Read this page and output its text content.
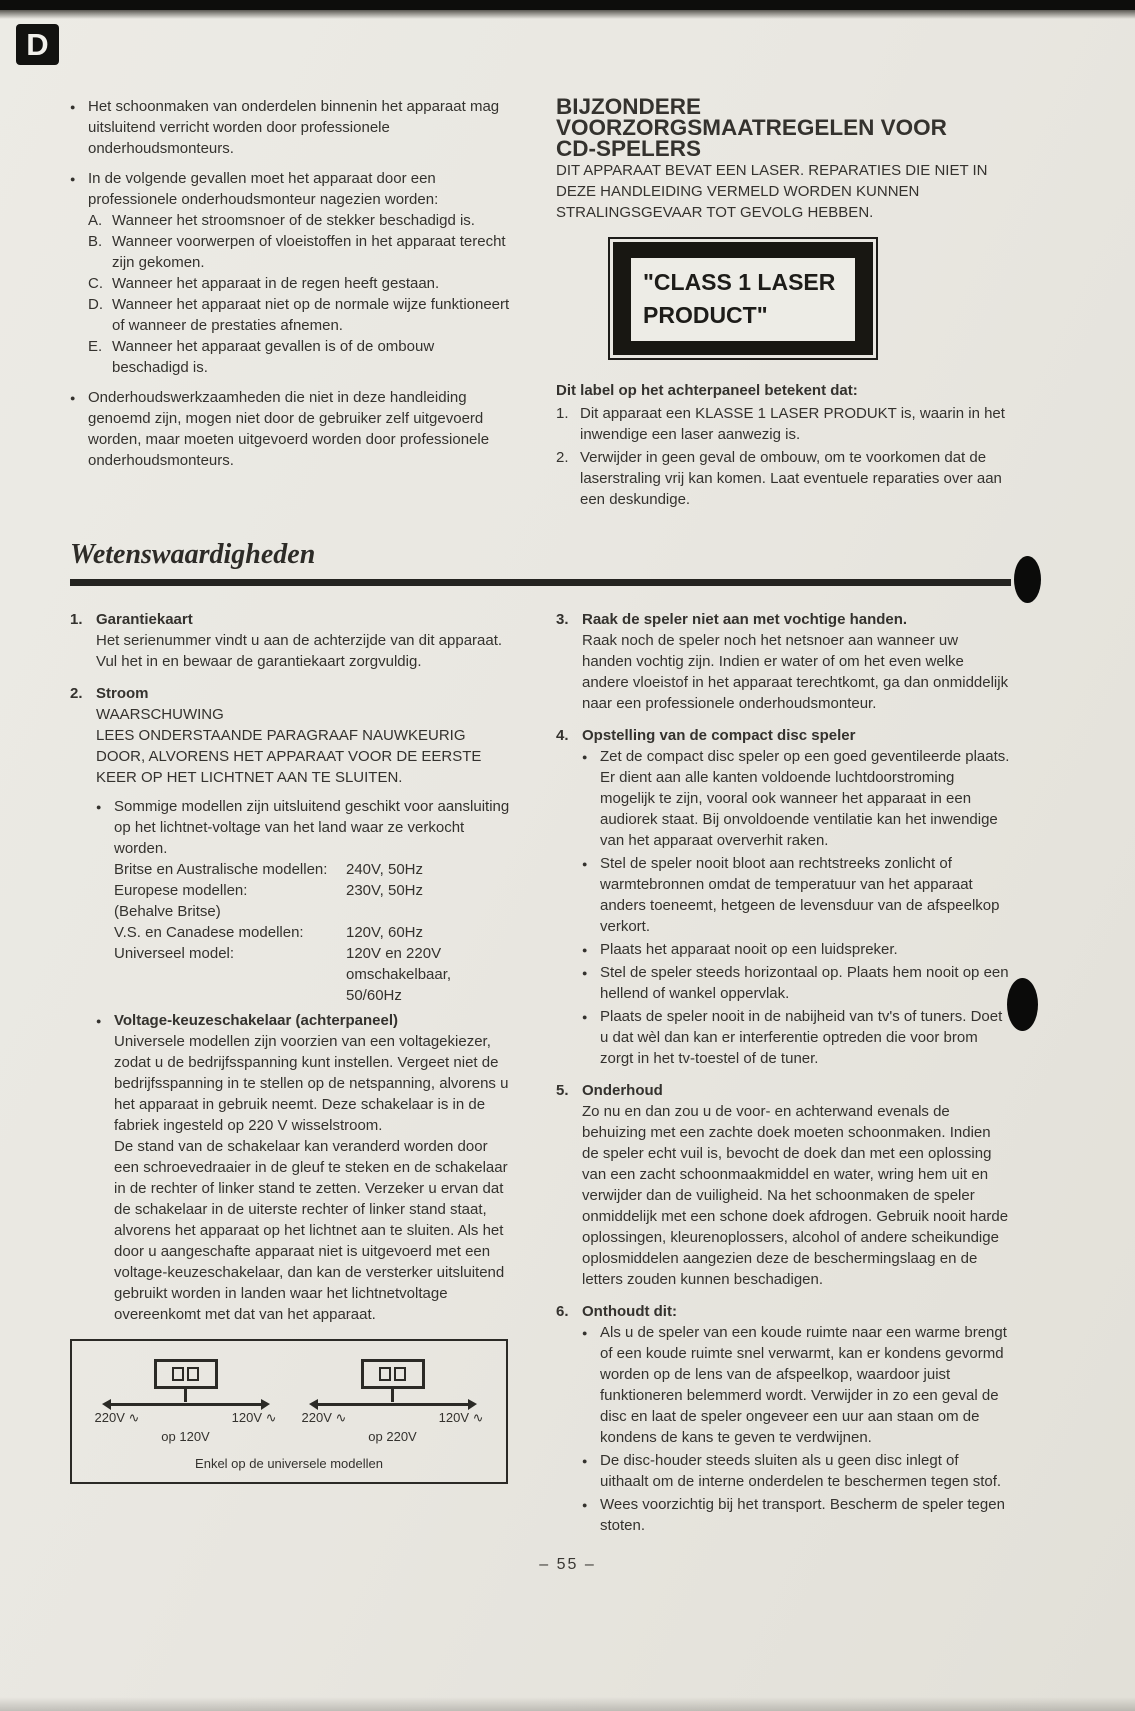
D

● Het schoonmaken van onderdelen binnenin het apparaat mag uitsluitend verricht worden door professionele onderhoudsmonteurs.

● In de volgende gevallen moet het apparaat door een professionele onderhoudsmonteur nagezien worden:
A. Wanneer het stroomsnoer of de stekker beschadigd is.
B. Wanneer voorwerpen of vloeistoffen in het apparaat terecht zijn gekomen.
C. Wanneer het apparaat in de regen heeft gestaan.
D. Wanneer het apparaat niet op de normale wijze funktioneert of wanneer de prestaties afnemen.
E. Wanneer het apparaat gevallen is of de ombouw beschadigd is.

● Onderhoudswerkzaamheden die niet in deze handleiding genoemd zijn, mogen niet door de gebruiker zelf uitgevoerd worden, maar moeten uitgevoerd worden door professionele onderhoudsmonteurs.

BIJZONDERE VOORZORGSMAATREGELEN VOOR CD-SPELERS

DIT APPARAAT BEVAT EEN LASER. REPARATIES DIE NIET IN DEZE HANDLEIDING VERMELD WORDEN KUNNEN STRALINGSGEVAAR TOT GEVOLG HEBBEN.

"CLASS 1 LASER PRODUCT"

Dit label op het achterpaneel betekent dat:

1. Dit apparaat een KLASSE 1 LASER PRODUKT is, waarin in het inwendige een laser aanwezig is.
2. Verwijder in geen geval de ombouw, om te voorkomen dat de laserstraling vrij kan komen. Laat eventuele reparaties over aan een deskundige.
Wetenswaardigheden
1. Garantiekaart

Het serienummer vindt u aan de achterzijde van dit apparaat. Vul het in en bewaar de garantiekaart zorgvuldig.

2. Stroom

WAARSCHUWING

LEES ONDERSTAANDE PARAGRAAF NAUWKEURIG DOOR, ALVORENS HET APPARAAT VOOR DE EERSTE KEER OP HET LICHTNET AAN TE SLUITEN.

● Sommige modellen zijn uitsluitend geschikt voor aansluiting op het lichtnet-voltage van het land waar ze verkocht worden.

Britse en Australische modellen:	240V, 50Hz
Europese modellen:	230V, 50Hz
(Behalve Britse)
V.S. en Canadese modellen:	120V, 60Hz
Universeel model:	120V en 220V
omschakelbaar,
50/60Hz
● Voltage-keuzeschakelaar (achterpaneel)

Universele modellen zijn voorzien van een voltagekiezer, zodat u de bedrijfsspanning kunt instellen. Vergeet niet de bedrijfsspanning in te stellen op de netspanning, alvorens u het apparaat in gebruik neemt. Deze schakelaar is in de fabriek ingesteld op 220 V wisselstroom.

De stand van de schakelaar kan veranderd worden door een schroevedraaier in de gleuf te steken en de schakelaar in de rechter of linker stand te zetten. Verzeker u ervan dat de schakelaar in de uiterste rechter of linker stand staat, alvorens het apparaat op het lichtnet aan te sluiten. Als het door u aangeschafte apparaat niet is uitgevoerd met een voltage-keuzeschakelaar, dan kan de versterker uitsluitend gebruikt worden in landen waar het lichtnetvoltage overeenkomt met dat van het apparaat.

220V ∿	120V ∿
op 120V
220V ∿	120V ∿
op 220V
Enkel op de universele modellen
3. Raak de speler niet aan met vochtige handen.

Raak noch de speler noch het netsnoer aan wanneer uw handen vochtig zijn. Indien er water of om het even welke andere vloeistof in het apparaat terechtkomt, ga dan onmiddelijk naar een professionele onderhoudsmonteur.

4. Opstelling van de compact disc speler

● Zet de compact disc speler op een goed geventileerde plaats. Er dient aan alle kanten voldoende luchtdoorstroming mogelijk te zijn, vooral ook wanneer het apparaat in een audiorek staat. Bij onvoldoende ventilatie kan het inwendige van het apparaat oververhit raken.

● Stel de speler nooit bloot aan rechtstreeks zonlicht of warmtebronnen omdat de temperatuur van het apparaat anders toeneemt, hetgeen de levensduur van de afspeelkop verkort.

● Plaats het apparaat nooit op een luidspreker.

● Stel de speler steeds horizontaal op. Plaats hem nooit op een hellend of wankel oppervlak.

● Plaats de speler nooit in de nabijheid van tv's of tuners. Doet u dat wèl dan kan er interferentie optreden die voor brom zorgt in het tv-toestel of de tuner.

5. Onderhoud

Zo nu en dan zou u de voor- en achterwand evenals de behuizing met een zachte doek moeten schoonmaken. Indien de speler echt vuil is, bevocht de doek dan met een oplossing van een zacht schoonmaakmiddel en water, wring hem uit en verwijder dan de vuiligheid. Na het schoonmaken de speler onmiddelijk met een schone doek afdrogen. Gebruik nooit harde oplossingen, kleurenoplossers, alcohol of andere scheikundige oplosmiddelen aangezien deze de beschermingslaag en de letters zouden kunnen beschadigen.

6. Onthoudt dit:

● Als u de speler van een koude ruimte naar een warme brengt of een koude ruimte snel verwarmt, kan er kondens gevormd worden op de lens van de afspeelkop, waardoor juist funktioneren belemmerd wordt. Verwijder in zo een geval de disc en laat de speler ongeveer een uur aan staan om de kondens de kans te geven te verdwijnen.

● De disc-houder steeds sluiten als u geen disc inlegt of uithaalt om de interne onderdelen te beschermen tegen stof.

● Wees voorzichtig bij het transport. Bescherm de speler tegen stoten.

– 55 –
